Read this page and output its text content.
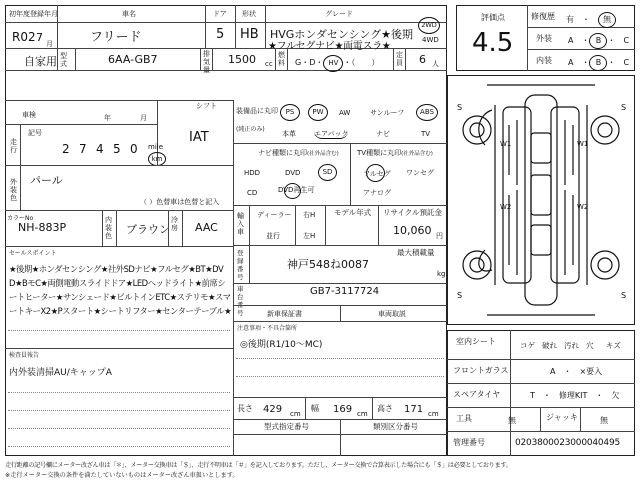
初年度登録年月
R02 7 月
車名
フリード
ドア
5
形状
HB
グレード
HVGホンダセンシング★後期
★フルセグナビ★両電スラ★
2WD
4WD
自家用 型式	6AA-GB7	排気量
1500 cc
燃料 G・D・ HV ・（　　）
定員 6 人
評価点
4.5
修復歴 有　・　無
外装 A　・ B ・　C
内装 A　・ B ・　C
車検	年	月
シフト
IAT
走行
記号
2 7 4 5 0	mile
km
外装色
パール
（ ）色替車は色替と記入
カラーNo
NH-883P
内装色 ブラウン
冷房 AAC
セールスポイント
★後期★ホンダセンシング★社外SDナビ★フルセグ★BT★DV
D★BモC★両側電動スライドドア★LEDヘッドライト★前席シ
ートヒーター★サンシェード★ビルトインETC★ステリモ★スマ
ートキーX2★Pスタート★シートリフター★センターテーブル★
検査員報告
内外装清掃AU/キャップA
装備品に丸印
(純正のみ)
PS	PW	AW	サンルーフ	ABS
本革	エアバック	ナビ	TV
ナビ種類に丸印(社外品含む)
HDD	DVD	SD
CD	DVD再生可
TV種類に丸印(社外品含む)
フルセグ ワンセグ
アナログ
輸入車
ディーラー
並行
右H
左H
モデル年式 リサイクル預託金
10,060 円
登録番号
最大積載量
神戸548ね0087
kg
車台番号
GB7-3117724
新車保証書	車両取説
注意事項・不具合箇所
◎後期(R1/10〜MC)
長さ 429 cm
幅 169 cm
高さ 171 cm
型式指定番号	類別区分番号
S	S
S	S
W1	W1
W2	W2
室内シート	コゲ 破れ 汚れ 穴 キズ
フロントガラス	A　・　×要入
スペアタイヤ	T　・　修理KIT　・　欠
工具	無	ジャッキ	無
管理番号	0203800023000040495
走行距離の記号欄にメーター改ざん車は「＊」、メーター交換車は「＄」、走行不明車は「＃」を記入しております。ただし、メーター交換で合算表示した場合にも「＄」は必要としております。
※走行メーター交換の条件を満たしていないものはメーター改ざん車扱いとします。
